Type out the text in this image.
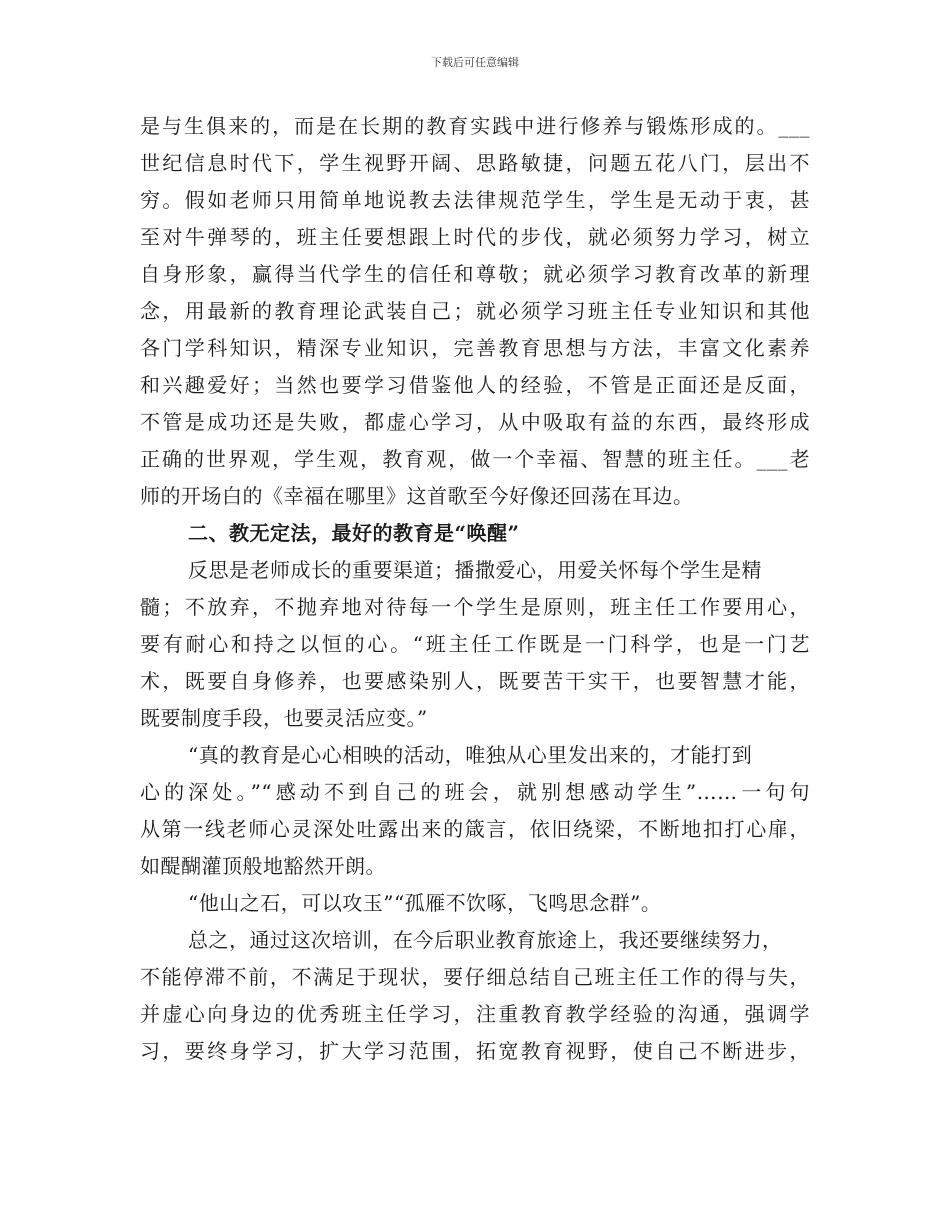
下载后可任意编辑
是与生俱来的，而是在长期的教育实践中进行修养与锻炼形成的。___
世纪信息时代下，学生视野开阔、思路敏捷，问题五花八门，层出不
穷。假如老师只用简单地说教去法律规范学生，学生是无动于衷，甚
至对牛弹琴的，班主任要想跟上时代的步伐，就必须努力学习，树立
自身形象，赢得当代学生的信任和尊敬；就必须学习教育改革的新理
念，用最新的教育理论武装自己；就必须学习班主任专业知识和其他
各门学科知识，精深专业知识，完善教育思想与方法，丰富文化素养
和兴趣爱好；当然也要学习借鉴他人的经验，不管是正面还是反面，
不管是成功还是失败，都虚心学习，从中吸取有益的东西，最终形成
正确的世界观，学生观，教育观，做一个幸福、智慧的班主任。___老
师的开场白的《幸福在哪里》这首歌至今好像还回荡在耳边。
二、教无定法，最好的教育是“唤醒”
反思是老师成长的重要渠道；播撒爱心，用爱关怀每个学生是精
髓；不放弃，不抛弃地对待每一个学生是原则，班主任工作要用心，
要有耐心和持之以恒的心。“班主任工作既是一门科学，也是一门艺
术，既要自身修养，也要感染别人，既要苦干实干，也要智慧才能，
既要制度手段，也要灵活应变。”
“真的教育是心心相映的活动，唯独从心里发出来的，才能打到
心的深处。”“感动不到自己的班会，就别想感动学生”……一句句
从第一线老师心灵深处吐露出来的箴言，依旧绕梁，不断地扣打心扉，
如醍醐灌顶般地豁然开朗。
“他山之石，可以攻玉”“孤雁不饮啄，飞鸣思念群”。
总之，通过这次培训，在今后职业教育旅途上，我还要继续努力，
不能停滞不前，不满足于现状，要仔细总结自己班主任工作的得与失，
并虚心向身边的优秀班主任学习，注重教育教学经验的沟通，强调学
习，要终身学习，扩大学习范围，拓宽教育视野，使自己不断进步，
